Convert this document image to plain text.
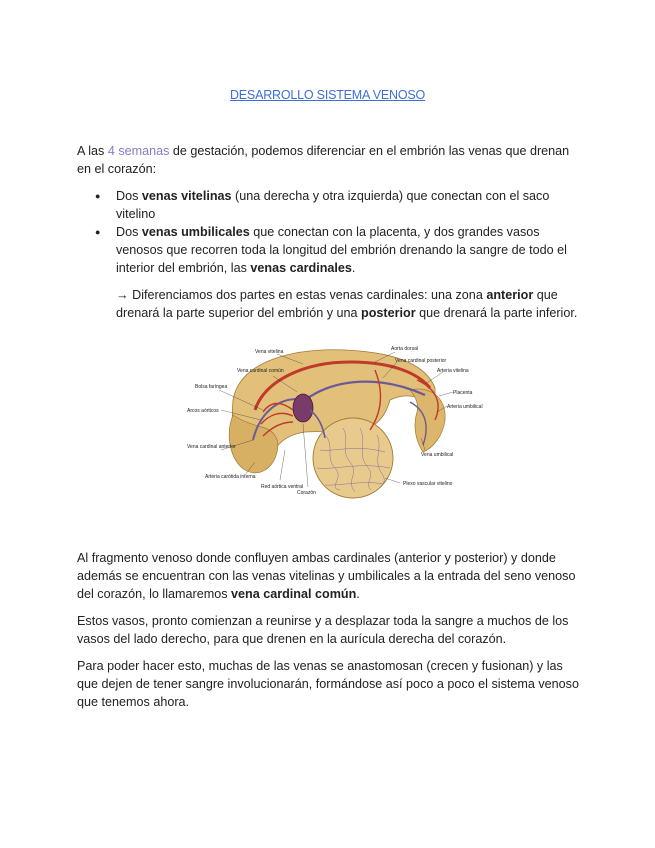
DESARROLLO SISTEMA VENOSO

A las 4 semanas de gestación, podemos diferenciar en el embrión las venas que drenan en el corazón:

● Dos venas vitelinas (una derecha y otra izquierda) que conectan con el saco vitelino
● Dos venas umbilicales que conectan con la placenta, y dos grandes vasos venosos que recorren toda la longitud del embrión drenando la sangre de todo el interior del embrión, las venas cardinales.

→ Diferenciamos dos partes en estas venas cardinales: una zona anterior que drenará la parte superior del embrión y una posterior que drenará la parte inferior.

Vena vitelina
Vena cardinal común
Bolsa faríngea
Arcos aórticos
Vena cardinal anterior
Arteria carótida interna
Red aórtica ventral
Corazón
Plexo vascular vitelino
Aorta dorsal
Vena cardinal posterior
Arteria vitelina
Placenta
Arteria umbilical
Vena umbilical

Al fragmento venoso donde confluyen ambas cardinales (anterior y posterior) y donde además se encuentran con las venas vitelinas y umbilicales a la entrada del seno venoso del corazón, lo llamaremos vena cardinal común.

Estos vasos, pronto comienzan a reunirse y a desplazar toda la sangre a muchos de los vasos del lado derecho, para que drenen en la aurícula derecha del corazón.

Para poder hacer esto, muchas de las venas se anastomosan (crecen y fusionan) y las que dejen de tener sangre involucionarán, formándose así poco a poco el sistema venoso que tenemos ahora.
